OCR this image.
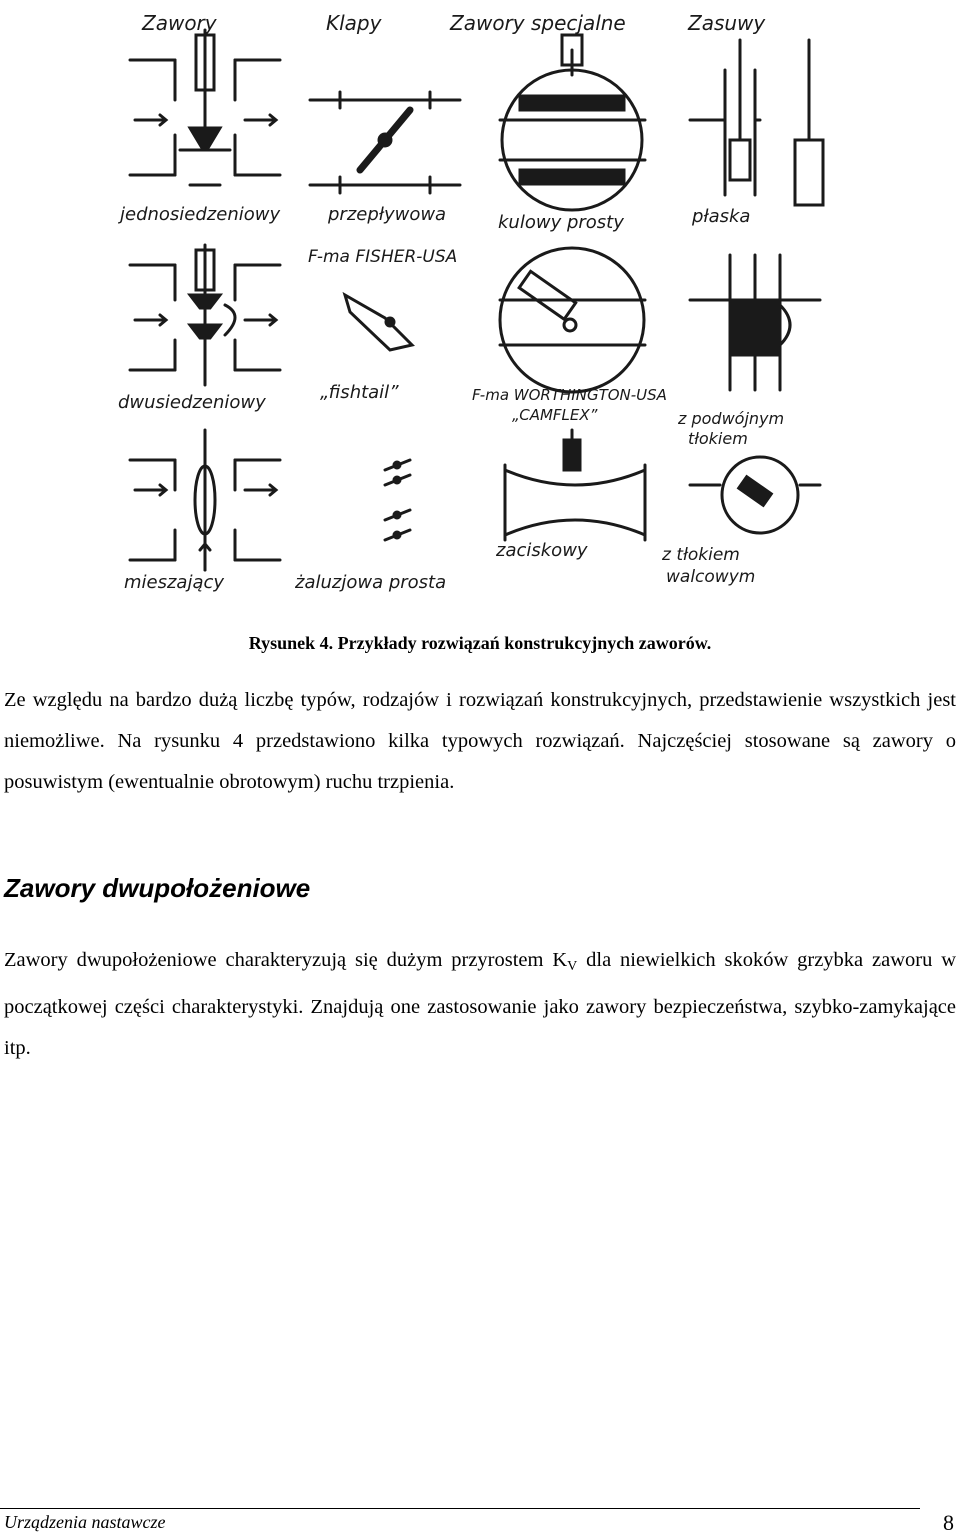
Zawory	Klapy	Zawory specjalne	Zasuwy
jednosiedzeniowy	przepływowa	kulowy prosty	płaska
F-ma FISHER-USA
dwusiedzeniowy	„fishtail”	F-ma WORTHINGTON-USA
„CAMFLEX”	z podwójnym
tłokiem
mieszający	żaluzjowa prosta
zaciskowy	z tłokiem
walcowym
Rysunek 4. Przykłady rozwiązań konstrukcyjnych zaworów.
Ze względu na bardzo dużą liczbę typów, rodzajów i rozwiązań konstrukcyjnych, przedstawienie wszystkich jest niemożliwe. Na rysunku 4 przedstawiono kilka typowych rozwiązań. Najczęściej stosowane są zawory o posuwistym (ewentualnie obrotowym) ruchu trzpienia.
Zawory dwupołożeniowe
Zawory dwupołożeniowe charakteryzują się dużym przyrostem $K_V$ dla niewielkich skoków grzybka zaworu w początkowej części charakterystyki. Znajdują one zastosowanie jako zawory bezpieczeństwa, szybko-zamykające itp.
Urządzenia nastawcze	8
